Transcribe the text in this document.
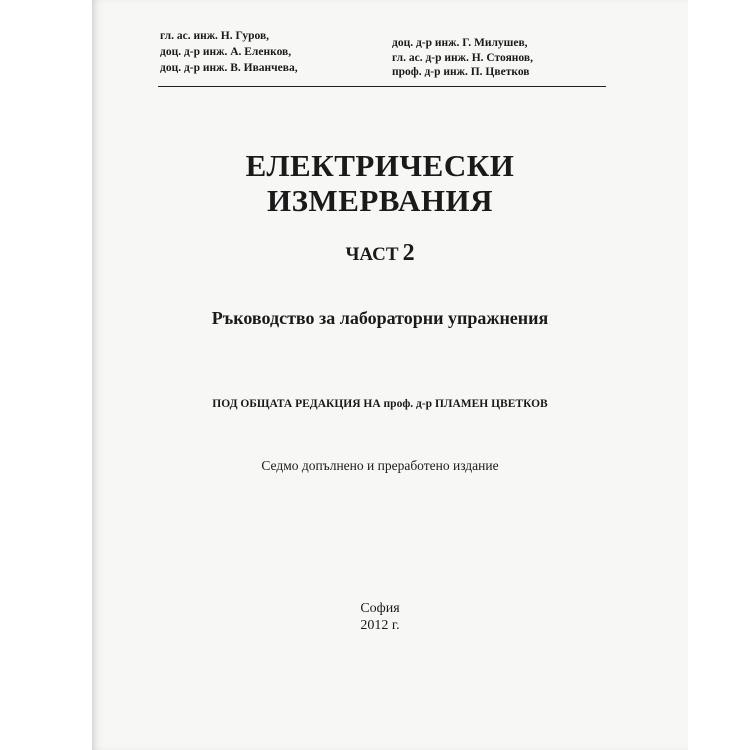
гл. ас. инж. Н. Гуров,
доц. д-р инж. А. Еленков,
доц. д-р инж. В. Иванчева,
доц. д-р инж. Г. Милушев,
гл. ас. д-р инж. Н. Стоянов,
проф. д-р инж. П. Цветков
ЕЛЕКТРИЧЕСКИ
ИЗМЕРВАНИЯ
ЧАСТ 2
Ръководство за лабораторни упражнения
ПОД ОБЩАТА РЕДАКЦИЯ НА проф. д-р ПЛАМЕН ЦВЕТКОВ
Седмо допълнено и преработено издание
София
2012 г.
